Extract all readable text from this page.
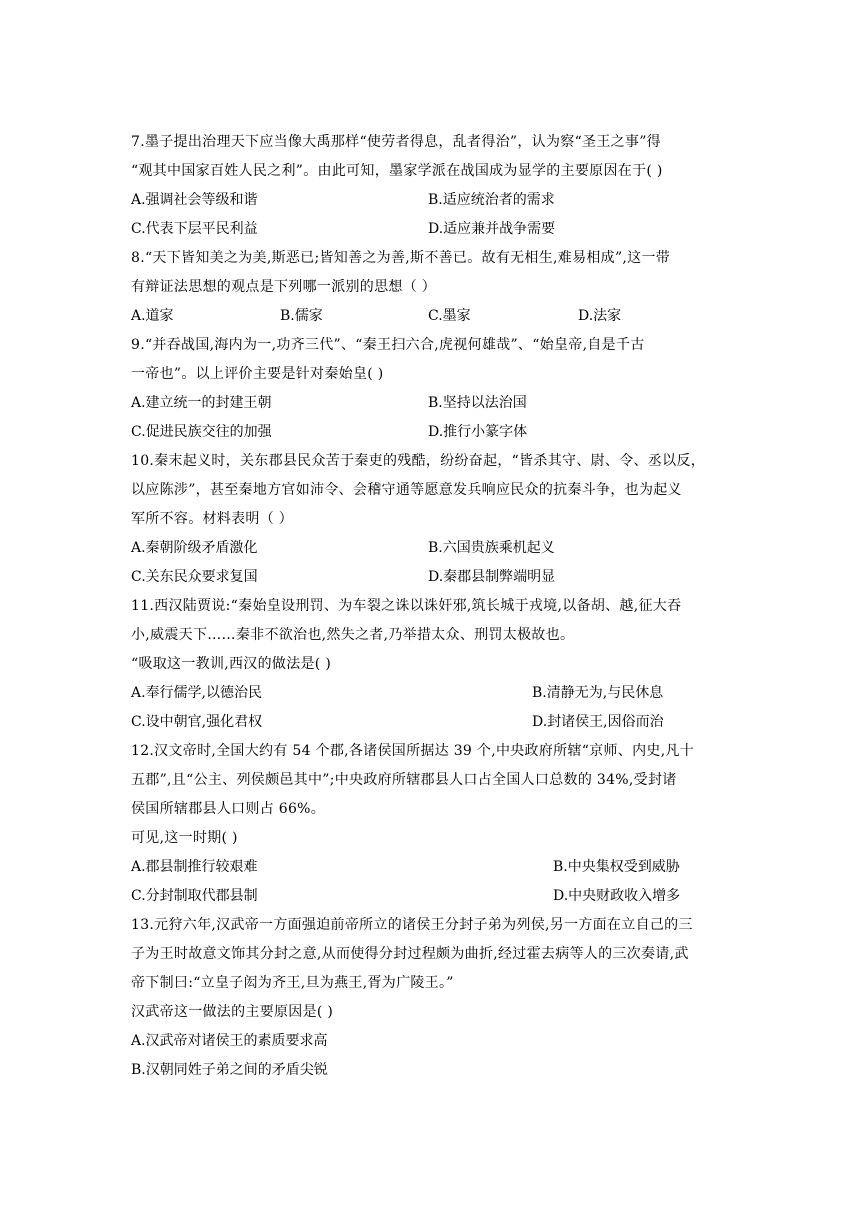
7.墨子提出治理天下应当像大禹那样“使劳者得息，乱者得治”，认为察“圣王之事”得
“观其中国家百姓人民之利”。由此可知，墨家学派在战国成为显学的主要原因在于( )
A.强调社会等级和谐	B.适应统治者的需求
C.代表下层平民利益	D.适应兼并战争需要
8.“天下皆知美之为美,斯恶已;皆知善之为善,斯不善已。故有无相生,难易相成”,这一带
有辩证法思想的观点是下列哪一派别的思想（ ）
A.道家	B.儒家	C.墨家	D.法家
9.“并吞战国,海内为一,功齐三代”、“秦王扫六合,虎视何雄哉”、“始皇帝,自是千古
一帝也”。以上评价主要是针对秦始皇( )
A.建立统一的封建王朝	B.坚持以法治国
C.促进民族交往的加强	D.推行小篆字体
10.秦末起义时，关东郡县民众苦于秦吏的残酷，纷纷奋起，“皆杀其守、尉、令、丞以反，
以应陈涉”，甚至秦地方官如沛令、会稽守通等愿意发兵响应民众的抗秦斗争，也为起义
军所不容。材料表明（ ）
A.秦朝阶级矛盾激化	B.六国贵族乘机起义
C.关东民众要求复国	D.秦郡县制弊端明显
11.西汉陆贾说:“秦始皇设刑罚、为车裂之诛以诛奸邪,筑长城于戎境,以备胡、越,征大吞
小,威震天下……秦非不欲治也,然失之者,乃举措太众、刑罚太极故也。
“吸取这一教训,西汉的做法是( )
A.奉行儒学,以德治民	B.清静无为,与民休息
C.设中朝官,强化君权	D.封诸侯王,因俗而治
12.汉文帝时,全国大约有 54 个郡,各诸侯国所据达 39 个,中央政府所辖“京师、内史,凡十
五郡”,且“公主、列侯颇邑其中”;中央政府所辖郡县人口占全国人口总数的 34%,受封诸
侯国所辖郡县人口则占 66%。
可见,这一时期( )
A.郡县制推行较艰难	B.中央集权受到威胁
C.分封制取代郡县制	D.中央财政收入增多
13.元狩六年,汉武帝一方面强迫前帝所立的诸侯王分封子弟为列侯,另一方面在立自己的三
子为王时故意文饰其分封之意,从而使得分封过程颇为曲折,经过霍去病等人的三次奏请,武
帝下制曰:“立皇子闳为齐王,旦为燕王,胥为广陵王。”
汉武帝这一做法的主要原因是( )
A.汉武帝对诸侯王的素质要求高
B.汉朝同姓子弟之间的矛盾尖锐
